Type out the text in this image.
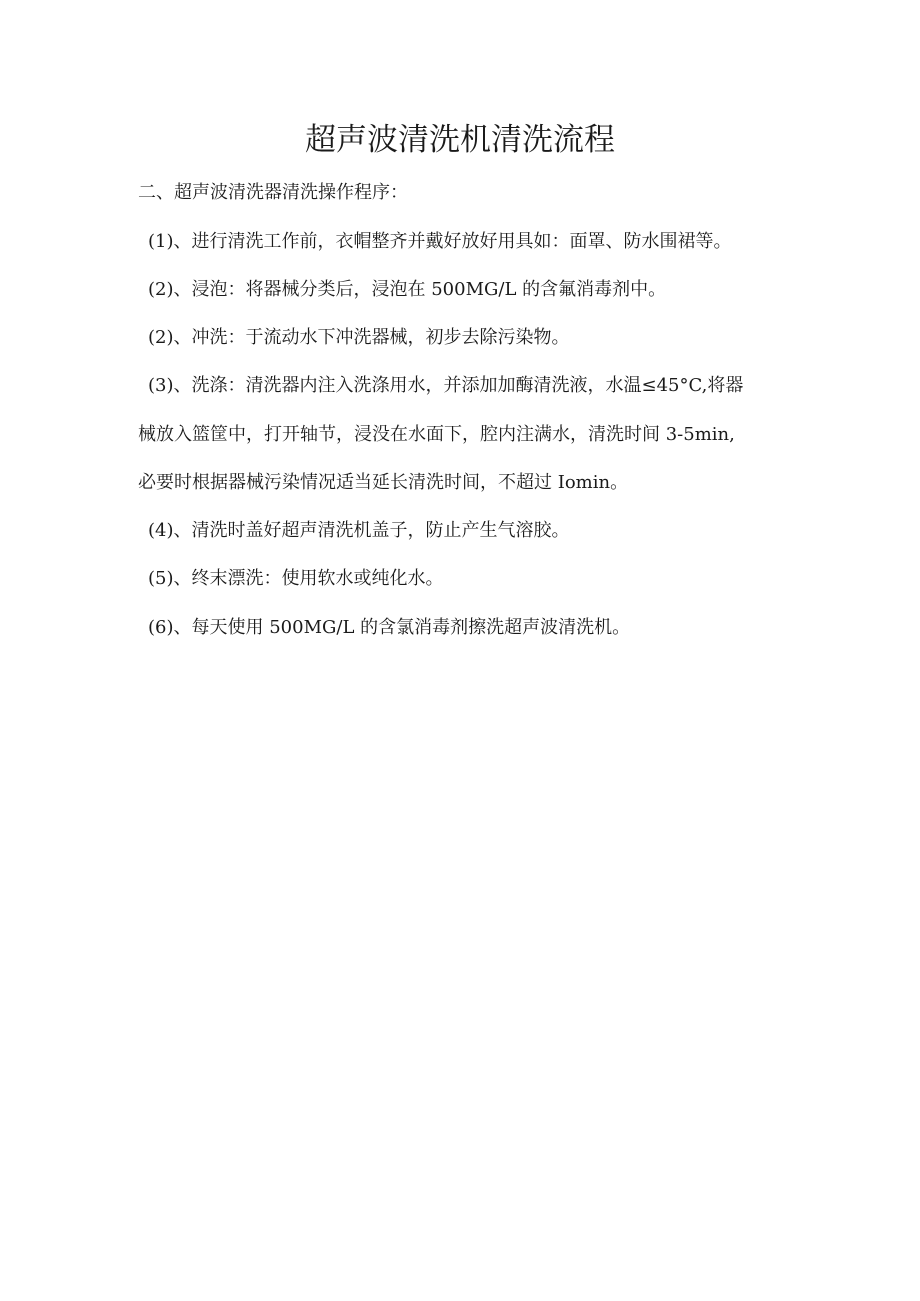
超声波清洗机清洗流程
二、超声波清洗器清洗操作程序：
(1)、进行清洗工作前，衣帽整齐并戴好放好用具如：面罩、防水围裙等。
(2)、浸泡：将器械分类后，浸泡在 500MG/L 的含氟消毒剂中。
(2)、冲洗：于流动水下冲洗器械，初步去除污染物。
(3)、洗涤：清洗器内注入洗涤用水，并添加加酶清洗液，水温≤45°C,将器
械放入篮筐中，打开轴节，浸没在水面下，腔内注满水，清洗时间 3-5min,
必要时根据器械污染情况适当延长清洗时间，不超过 Iomin。
(4)、清洗时盖好超声清洗机盖子，防止产生气溶胶。
(5)、终末漂洗：使用软水或纯化水。
(6)、每天使用 500MG/L 的含氯消毒剂擦洗超声波清洗机。
